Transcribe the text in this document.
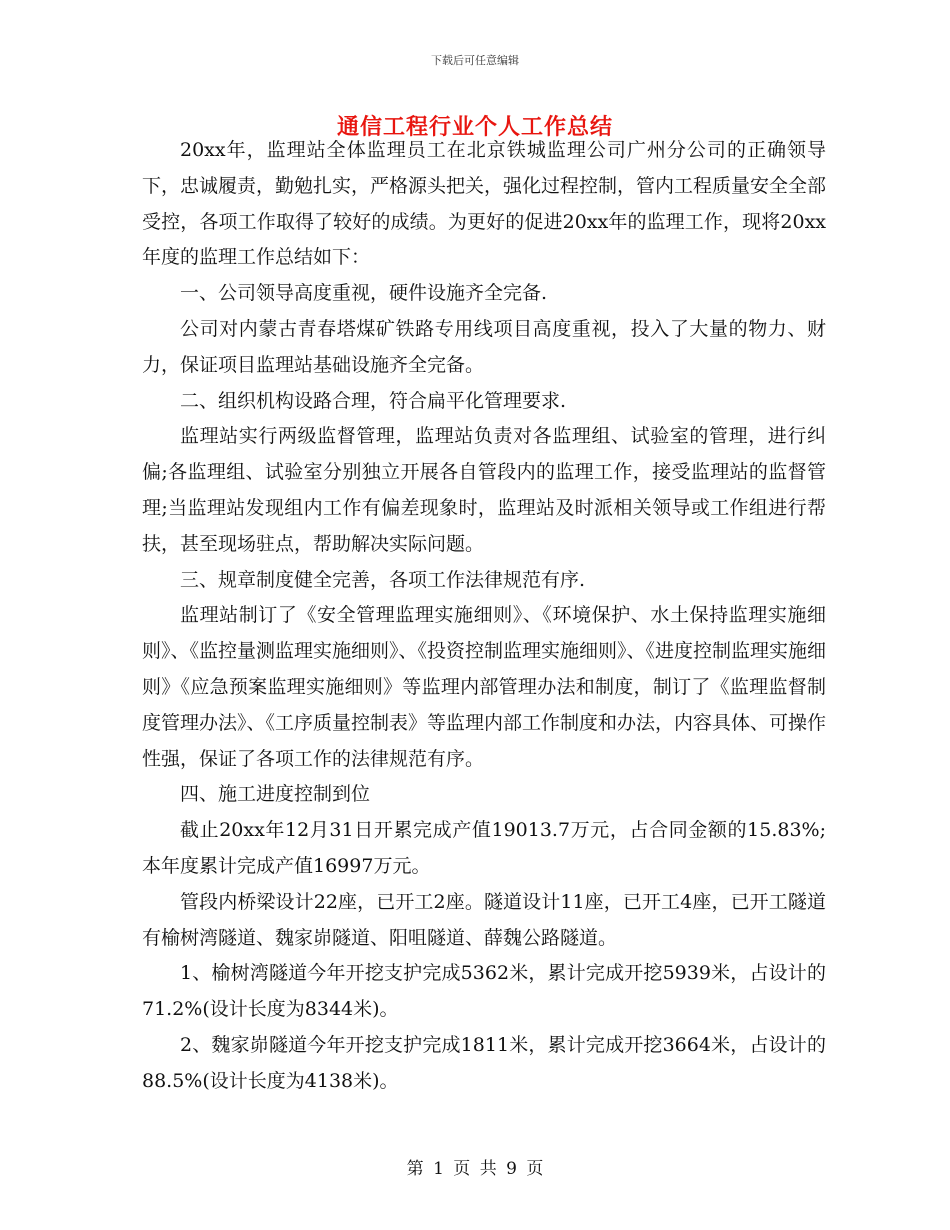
下载后可任意编辑
通信工程行业个人工作总结

20xx年，监理站全体监理员工在北京铁城监理公司广州分公司的正确领导下，忠诚履责，勤勉扎实，严格源头把关，强化过程控制，管内工程质量安全全部受控，各项工作取得了较好的成绩。为更好的促进20xx年的监理工作，现将20xx年度的监理工作总结如下：

一、公司领导高度重视，硬件设施齐全完备.

公司对内蒙古青春塔煤矿铁路专用线项目高度重视，投入了大量的物力、财力，保证项目监理站基础设施齐全完备。

二、组织机构设路合理，符合扁平化管理要求.

监理站实行两级监督管理，监理站负责对各监理组、试验室的管理，进行纠偏;各监理组、试验室分别独立开展各自管段内的监理工作，接受监理站的监督管理;当监理站发现组内工作有偏差现象时，监理站及时派相关领导或工作组进行帮扶，甚至现场驻点，帮助解决实际问题。

三、规章制度健全完善，各项工作法律规范有序.

监理站制订了《安全管理监理实施细则》、《环境保护、水土保持监理实施细则》、《监控量测监理实施细则》、《投资控制监理实施细则》、《进度控制监理实施细则》《应急预案监理实施细则》等监理内部管理办法和制度，制订了《监理监督制度管理办法》、《工序质量控制表》等监理内部工作制度和办法，内容具体、可操作性强，保证了各项工作的法律规范有序。

四、施工进度控制到位

截止20xx年12月31日开累完成产值19013.7万元，占合同金额的15.83%;本年度累计完成产值16997万元。

管段内桥梁设计22座，已开工2座。隧道设计11座，已开工4座，已开工隧道有榆树湾隧道、魏家峁隧道、阳咀隧道、薛魏公路隧道。

1、榆树湾隧道今年开挖支护完成5362米，累计完成开挖5939米，占设计的71.2%(设计长度为8344米)。

2、魏家峁隧道今年开挖支护完成1811米，累计完成开挖3664米，占设计的88.5%(设计长度为4138米)。

第 1 页 共 9 页
